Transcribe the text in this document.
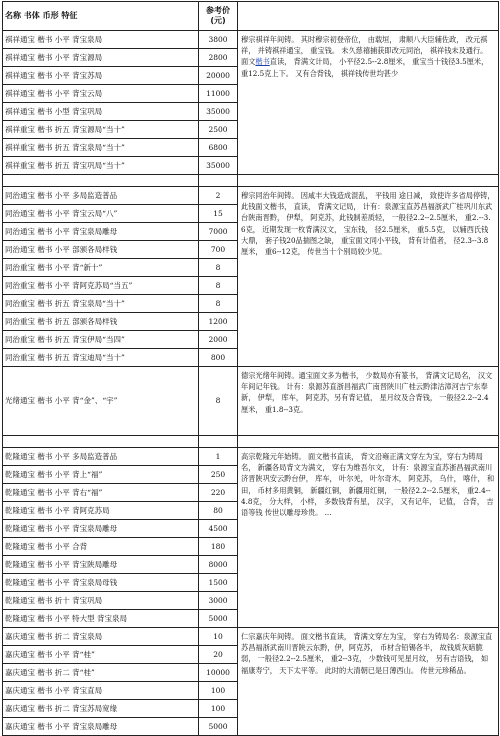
名称 书体 币形 特征	参考价
(元)	
祺祥通宝 楷书 小平 背宝泉局	3800	穆宗祺祥年间铸。 其时穆宗初登帝位， 由载垣， 肃顺八大臣辅佐政， 改元祺祥， 并铸祺祥通宝， 重宝钱。 未久慈禧捕获即改元同治， 祺祥钱未及通行。 面文楷书直读， 背满文计局， 小平径2.5--2.8厘米， 重宝当十钱径3.5厘米， 重12.5克上下。 又有合背钱， 祺祥钱传世均甚少
祺祥通宝 楷书 小平 背宝源局	2800	
祺祥通宝 楷书 小平 背宝苏局	20000	
祺祥通宝 楷书 小平 背宝云局	11000	
祺祥通宝 楷书 小型 背宝巩局	35000	
祺祥重宝 楷书 折五 背宝源局“当十”	2500	
祺祥重宝 楷书 折五 背宝泉局“当十”	6800	
祺祥重宝 楷书 折五 背宝巩局“当十”	35000	

同治通宝 楷书 小平 多局监造普品	2	穆宗同治年间铸。 因咸丰大钱造成混乱， 平钱用 途日减， 致使许多省局停铸， 此钱面文楷书， 直读， 背满文记局， 计有：泉源宝直苏昌福浙武广桂巩川东武台陕南晋黔， 伊犁， 阿克苏，此钱制差质轻， 一般径2.2--2.5厘米， 重2.--3.6克， 近期发现一枚背满汉文， 宝东钱， 径2.5厘米， 重5.5克， 以辅西氏钱大鼎， 套子钱20品揣图之缺， 重宝面文同小平钱， 背有计值者， 径2.3--3.8厘米， 重6--12克， 传世当十个别局较少见。
同治通宝 楷书 小平 背宝云局“八”	15	
同治通宝 楷书 小平 背宝泉局雕母	7000	
同治通宝 楷书 小平 部颁各局样钱	700	
同治重宝 楷书 小平 背“新十”	8	
同治重宝 楷书 小平 背阿克苏局“当五”	8	
同治重宝 楷书 折五 背宝泉局“当十”	8	
同治重宝 楷书 折五 部颁各局样钱	1200	
同治重宝 楷书 折五 背宝伊局“当四”	2000	
同治重宝 楷书 折五 背宝迪局“当十”	800	
光绪通宝 楷书 小平 背“金”、“宇”	8	德宗光绪年间铸。通宝面文多为楷书， 少数局亦有篆书， 背满文记局名， 汉文年间记年钱。 计有：泉源苏直浙昌福武广南晋陕川广桂云黔津沽漳河吉宁东奉新， 伊犁， 库车， 阿克苏，另有背记值， 星月纹及合背钱， 一般径2.2--2.4厘米， 重1.8--3克。

乾隆通宝 楷书 小平 多局监造普品	1	高宗乾隆元年始铸。 面文楷书直读， 背文沿雍正满文穿左为宝，穿右为铸局名， 新疆各局背文为满文， 穿右为维吾尔文， 计有：泉源宝直苏浙昌福武南川济晋陕巩安云黔台伊， 库车， 叶尔羌， 叶尔奇木， 阿克苏， 乌什， 喀什， 和田， 币材多用黄铜， 新疆红铜， 新疆用红铜， 一般径2.2--2.5厘米， 重2.4--4.8克， 分大样， 小样， 多数钱背有星， 汉字， 又有记年， 记值， 合背， 吉语等钱 传世以雕母珍贵。 ...
乾隆通宝 楷书 小平 背上“福”	250	
乾隆通宝 楷书 小平 背右“福”	220	
乾隆通宝 楷书 小平 背阿克苏局	80	
乾隆通宝 楷书 小平 背宝泉局雕母	4500	
乾隆通宝 楷书 小平 合背	180	
乾隆通宝 楷书 小平 背宝陕局雕母	8000	
乾隆通宝 楷书 小平 背宝泉局母钱	1500	
乾隆通宝 楷书 折十 背宝巩局	3000	
乾隆通宝 楷书 小平 特大型 背宝泉局	5000	
嘉庆通宝 楷书 折二 背宝泉局	10	仁宗嘉庆年间铸。 面文楷书直读， 背满文穿左为宝， 穿右为铸局名：泉源宝直苏昌福浙武南川晋陕云东黔，伊，阿克苏， 币材含铅锡各半， 故钱质灰暗脆弱， 一般径2.2--2.5厘米， 重2--3克， 少数钱可见星月纹， 另有吉语钱， 如福康寿宁， 天下太平等。 此时的大清朝已是日薄西山。 传世元珍稀品。
嘉庆通宝 楷书 小平 背“桂”	20	
嘉庆通宝 楷书 折二 背“桂”	10000	
嘉庆通宝 楷书 小平 背宝直局	100	
嘉庆通宝 楷书 折二 背宝苏局宽缘	100	
嘉庆通宝 楷书 小平 背宝泉局雕母	5000	
